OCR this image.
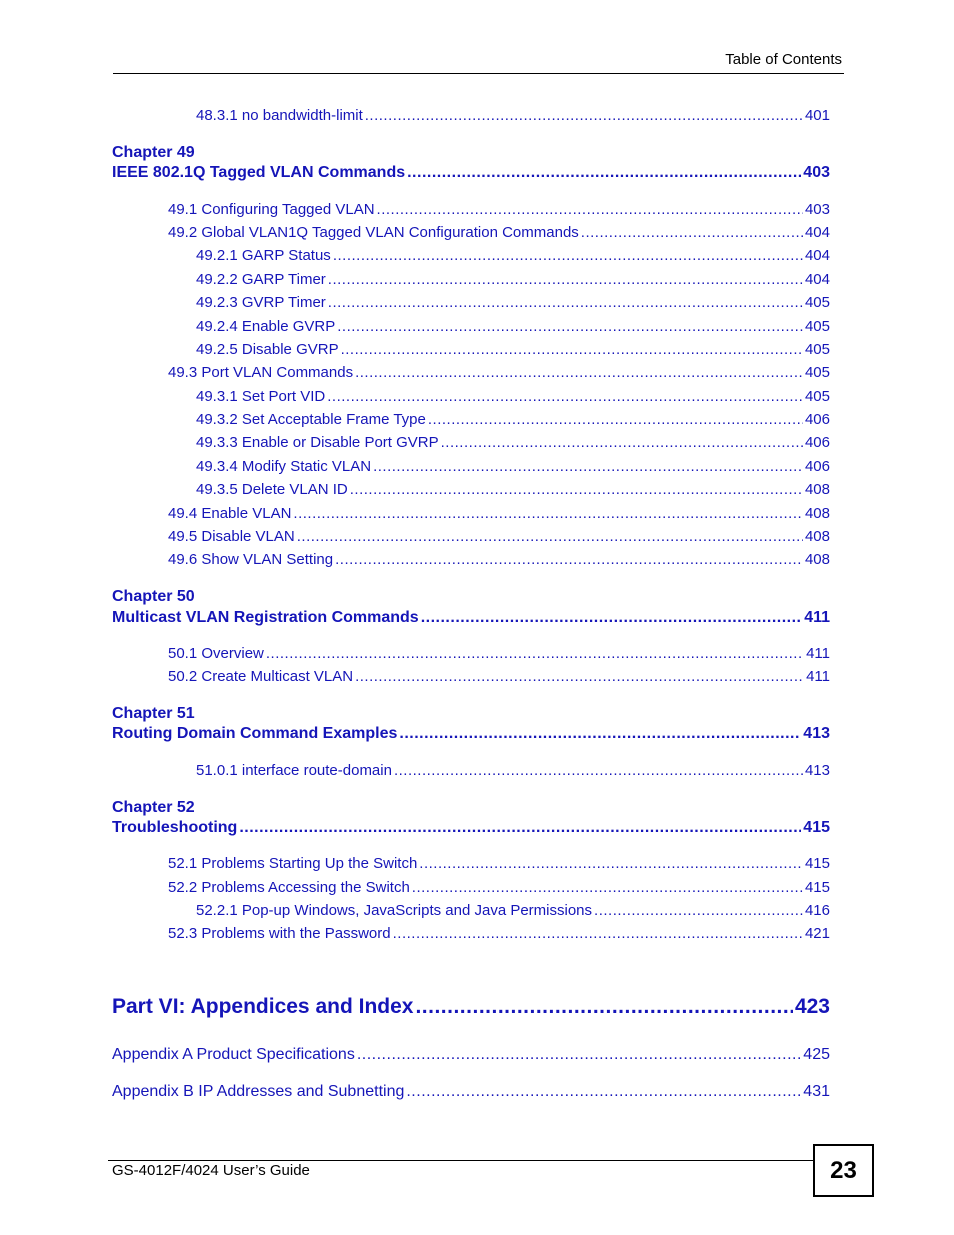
Table of Contents
48.3.1 no bandwidth-limit .....	401
Chapter 49
IEEE 802.1Q Tagged VLAN Commands .....	403
49.1 Configuring Tagged VLAN .....	403
49.2 Global VLAN1Q Tagged VLAN Configuration Commands .....	404
49.2.1 GARP Status .....	404
49.2.2 GARP Timer .....	404
49.2.3 GVRP Timer .....	405
49.2.4 Enable GVRP .....	405
49.2.5 Disable GVRP .....	405
49.3 Port VLAN Commands .....	405
49.3.1 Set Port VID .....	405
49.3.2 Set Acceptable Frame Type .....	406
49.3.3 Enable or Disable Port GVRP .....	406
49.3.4 Modify Static VLAN .....	406
49.3.5 Delete VLAN ID .....	408
49.4 Enable VLAN .....	408
49.5 Disable VLAN .....	408
49.6 Show VLAN Setting .....	408
Chapter 50
Multicast VLAN Registration Commands .....	411
50.1 Overview .....	411
50.2 Create Multicast VLAN .....	411
Chapter 51
Routing Domain Command Examples .....	413
51.0.1 interface route-domain .....	413
Chapter 52
Troubleshooting .....	415
52.1 Problems Starting Up the Switch .....	415
52.2 Problems Accessing the Switch .....	415
52.2.1 Pop-up Windows, JavaScripts and Java Permissions .....	416
52.3 Problems with the Password .....	421
Part VI: Appendices and Index .....	423
Appendix A Product Specifications .....	425
Appendix B IP Addresses and Subnetting .....	431
GS-4012F/4024 User’s Guide	23
